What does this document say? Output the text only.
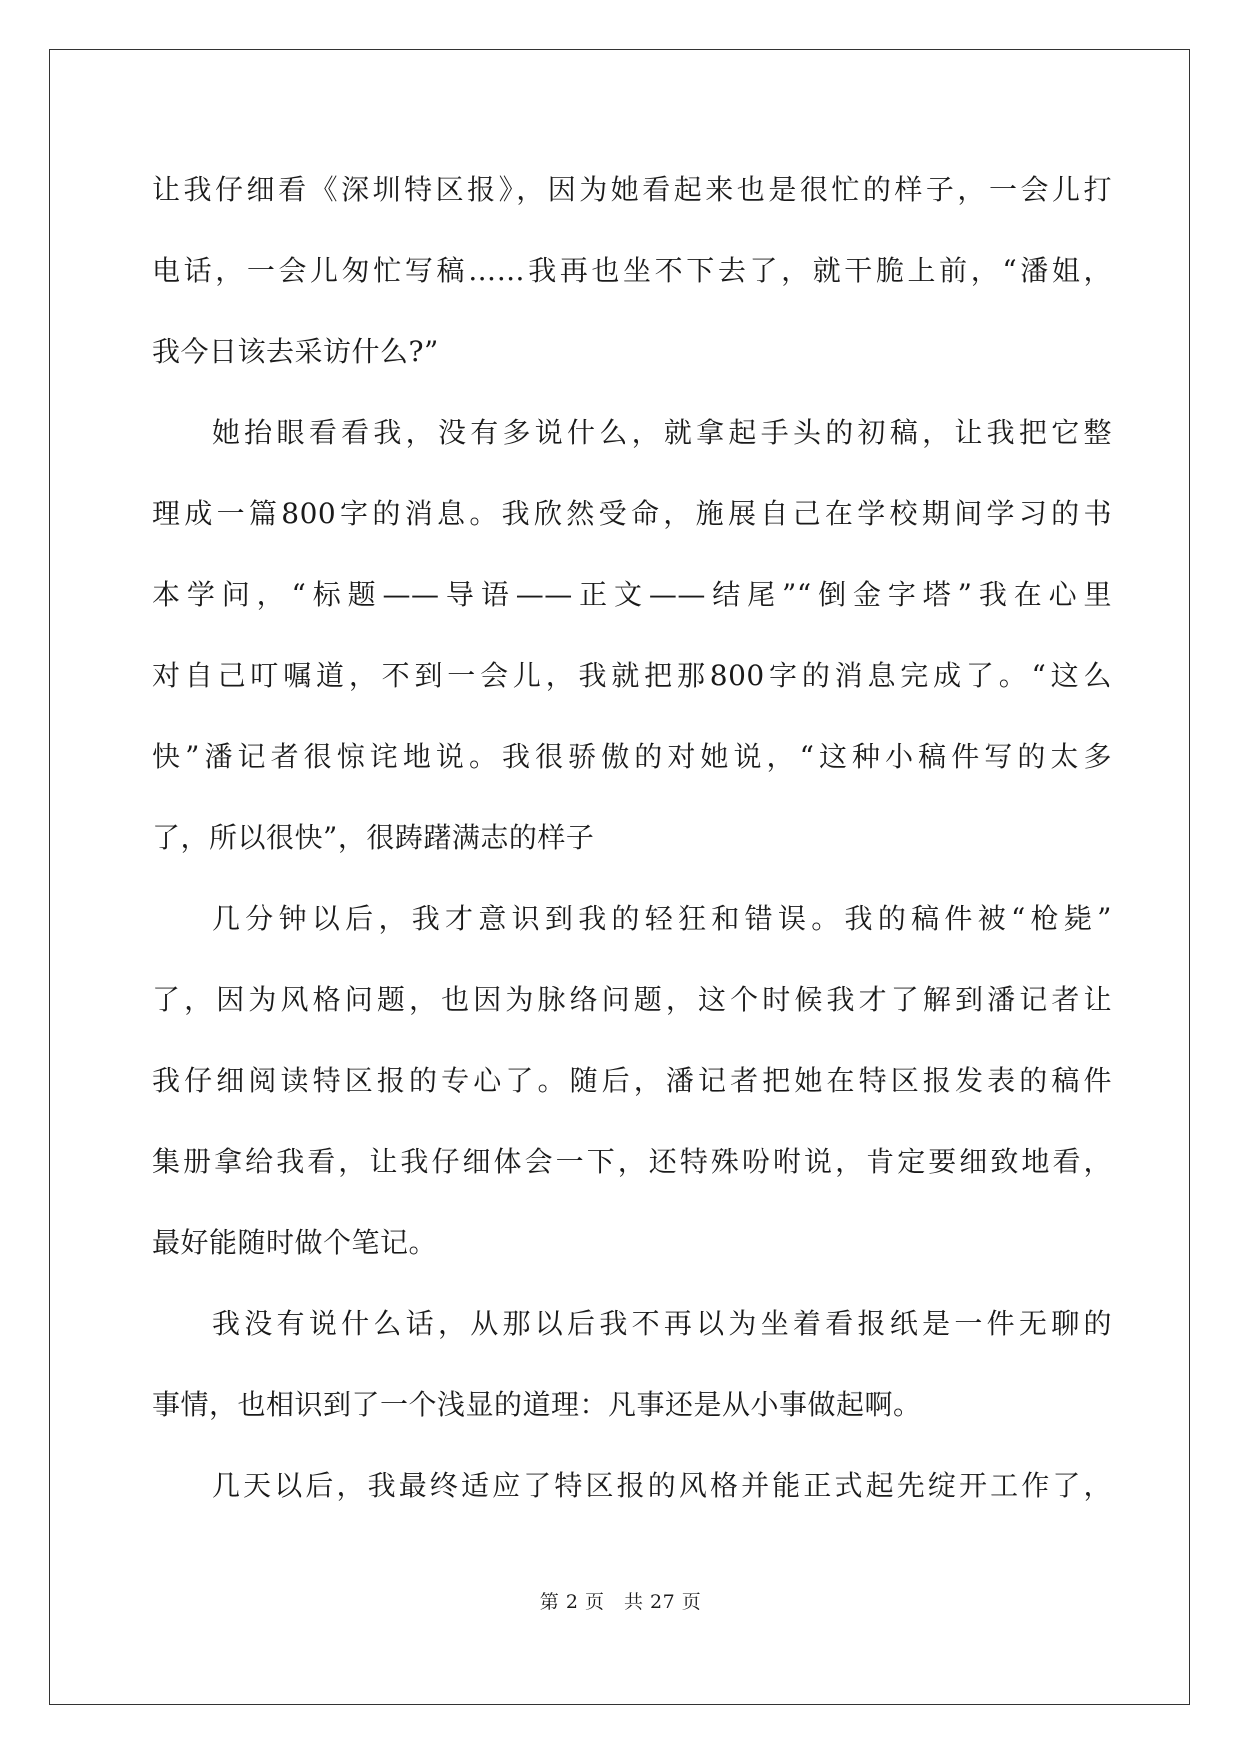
让我仔细看《深圳特区报》，因为她看起来也是很忙的样子，一会儿打
电话，一会儿匆忙写稿……我再也坐不下去了，就干脆上前，“潘姐，
我今日该去采访什么?”
她抬眼看看我，没有多说什么，就拿起手头的初稿，让我把它整
理成一篇800字的消息。我欣然受命，施展自己在学校期间学习的书
本学问，“标题——导语——正文——结尾”“倒金字塔”我在心里
对自己叮嘱道，不到一会儿，我就把那800字的消息完成了。“这么
快”潘记者很惊诧地说。我很骄傲的对她说，“这种小稿件写的太多
了，所以很快”，很踌躇满志的样子
几分钟以后，我才意识到我的轻狂和错误。我的稿件被“枪毙”
了，因为风格问题，也因为脉络问题，这个时候我才了解到潘记者让
我仔细阅读特区报的专心了。随后，潘记者把她在特区报发表的稿件
集册拿给我看，让我仔细体会一下，还特殊吩咐说，肯定要细致地看，
最好能随时做个笔记。
我没有说什么话，从那以后我不再以为坐着看报纸是一件无聊的
事情，也相识到了一个浅显的道理：凡事还是从小事做起啊。
几天以后，我最终适应了特区报的风格并能正式起先绽开工作了，
第 2 页　共 27 页
